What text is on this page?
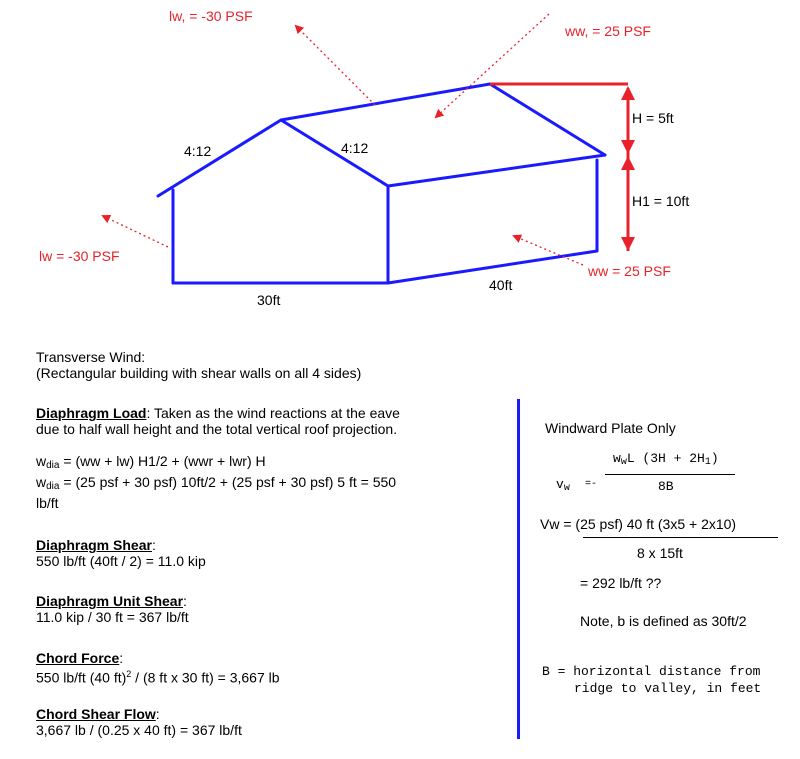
lw, = -30 PSF
ww, = 25 PSF
lw = -30 PSF
ww = 25 PSF
4:12	4:12
H = 5ft
H1 = 10ft
30ft
40ft
Transverse Wind:
(Rectangular building with shear walls on all 4 sides)
Diaphragm Load: Taken as the wind reactions at the eave
due to half wall height and the total vertical roof projection.
$w_{dia} = (ww + lw) H1/2 + (wwr + lwr)$ H
$w_{dia} = (25$ psf + 30 psf) 10ft/2 + (25 psf + 30 psf) 5 ft = 550
lb/ft
Diaphragm Shear:
550 lb/ft (40ft / 2) = 11.0 kip
Diaphragm Unit Shear:
11.0 kip / 30 ft = 367 lb/ft
Chord Force:
550 lb/ft (40 ft)$^2$ / (8 ft x 30 ft) = 3,667 lb
Chord Shear Flow:
3,667 lb / (0.25 x 40 ft) = 367 lb/ft
Windward Plate Only
$v_w$ =-
$w_wL$ $(3H + 2H_1)$
8B
Vw = (25 psf) 40 ft (3x5 + 2x10)
8 x 15ft
= 292 lb/ft ??
Note, b is defined as 30ft/2
B = horizontal distance from
ridge to valley, in feet
